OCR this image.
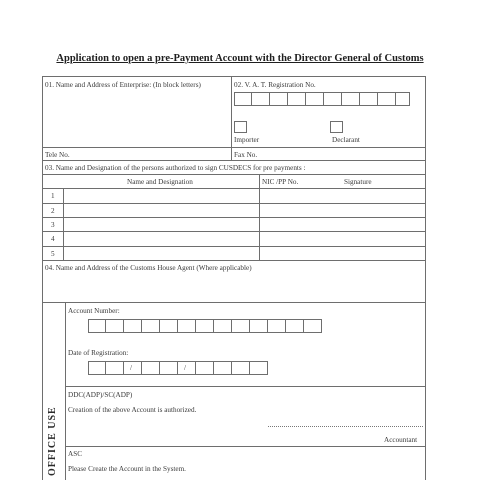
Application to open a pre-Payment Account with the Director General of Customs
01. Name and Address of Enterprise: (In block letters)	02. V. A. T. Registration No.
Importer	Declarant
Tele No.	Fax No.
03. Name and Designation of the persons authorized to sign CUSDECS for pre payments :
Name and Designation	NIC /PP No.	Signature
1
2
3
4
5
04. Name and Address of the Customs House Agent (Where applicable)
OFFICE USE
Account Number:
Date of Registration:
/	/
DDC(ADP)/SC(ADP)
Creation of the above Account is authorized.
Accountant
ASC
Please Create the Account in the System.
